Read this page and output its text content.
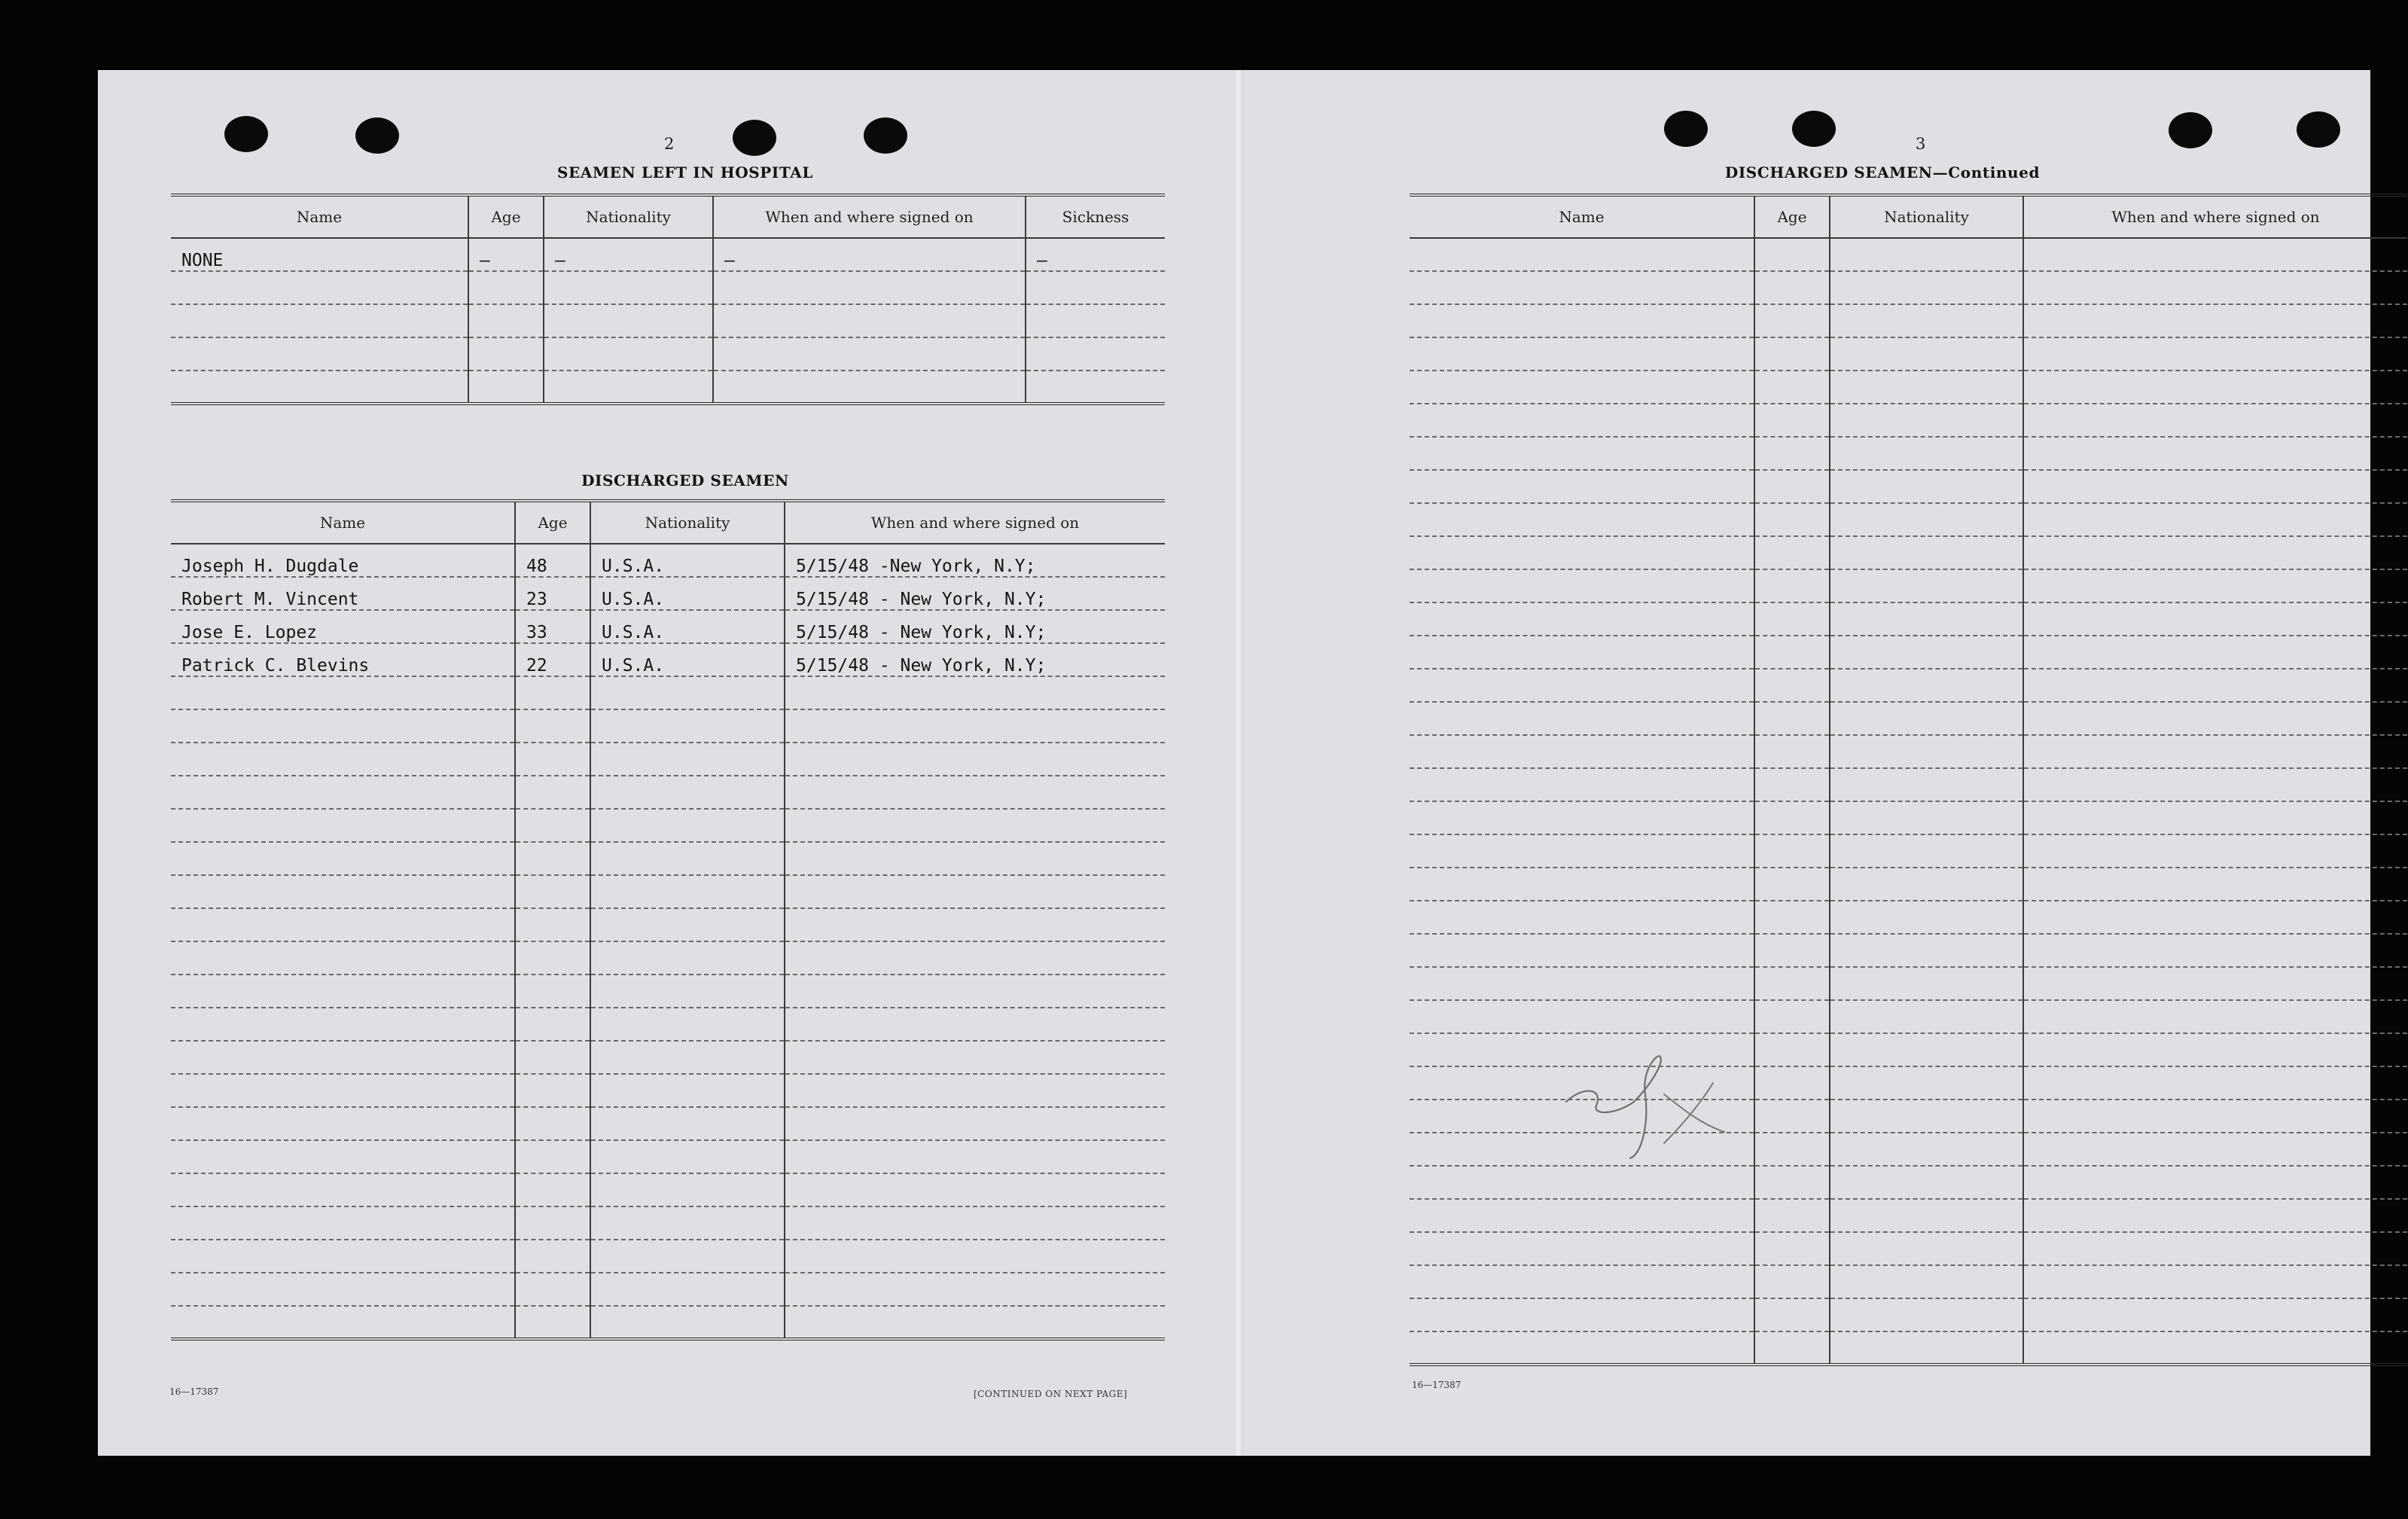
2
SEAMEN LEFT IN HOSPITAL
Name	Age	Nationality	When and where signed on	Sickness
NONE	–	–	–	–

DISCHARGED SEAMEN
Name	Age	Nationality	When and where signed on
Joseph H. Dugdale	48	U.S.A.	5/15/48 -New York, N.Y;
Robert M. Vincent	23	U.S.A.	5/15/48 - New York, N.Y;
Jose E. Lopez	33	U.S.A.	5/15/48 - New York, N.Y;
Patrick C. Blevins	22	U.S.A.	5/15/48 - New York, N.Y;

16—17387	[CONTINUED ON NEXT PAGE]
3
DISCHARGED SEAMEN—Continued
Name	Age	Nationality	When and where signed on

16—17387
